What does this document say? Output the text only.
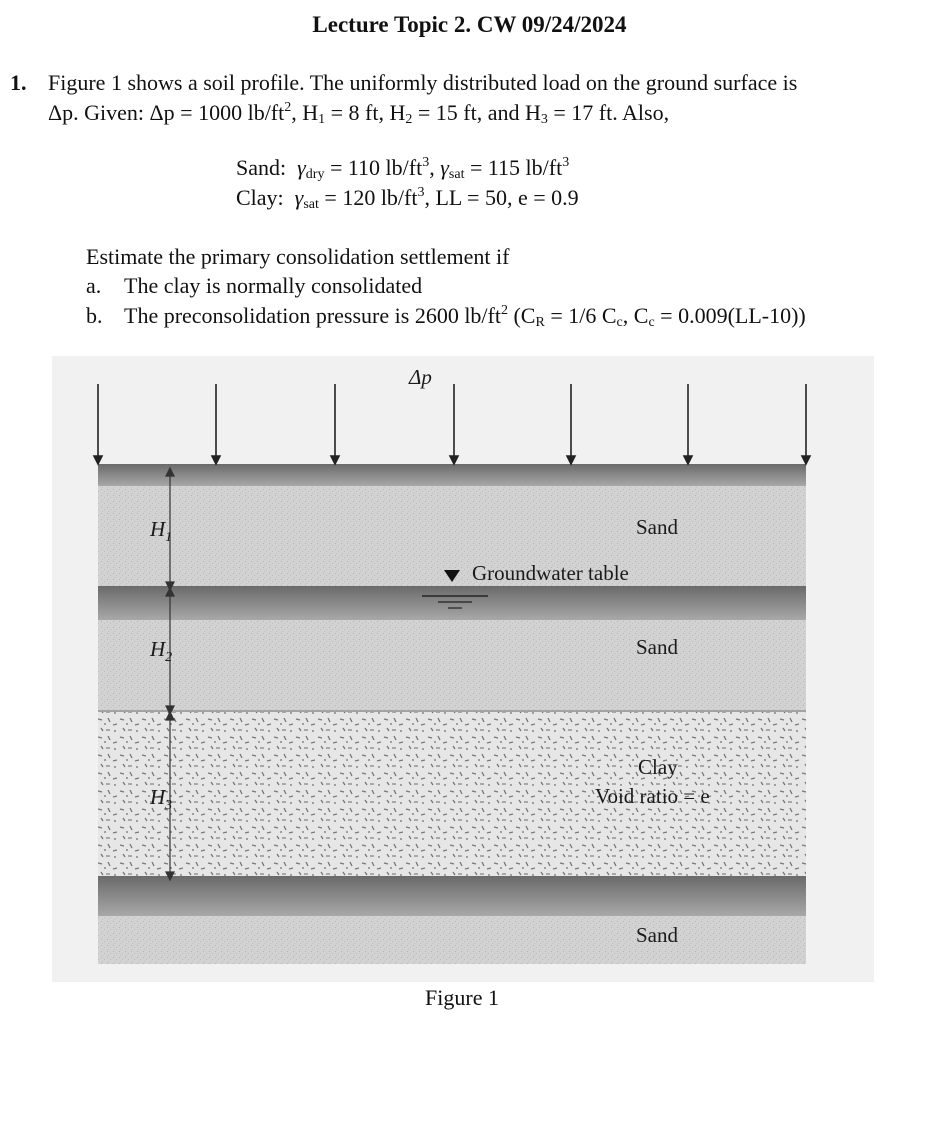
Lecture Topic 2. CW 09/24/2024
1. Figure 1 shows a soil profile. The uniformly distributed load on the ground surface is
Δp. Given: Δp = 1000 $lb/ft^2$, $H_1 = 8$ ft, $H_2 = 15$ ft, and $H_3 = 17$ ft. Also,
Sand: $\gamma_{dry} = 110$ $lb/ft^3$, $\gamma_{sat} = 115$ $lb/ft^3$
Clay: $\gamma_{sat} = 120$ $lb/ft^3$, LL = 50, e = 0.9
Estimate the primary consolidation settlement if
a. The clay is normally consolidated
b. The preconsolidation pressure is 2600 $lb/ft^2$ ($C_R = 1/6$ $C_c$, $C_c = 0.009(LL-10)$)
Δp
$H_1$
$H_2$
$H_3$
Sand
Groundwater table
Sand
Clay
Void ratio = e
Sand
Figure 1
